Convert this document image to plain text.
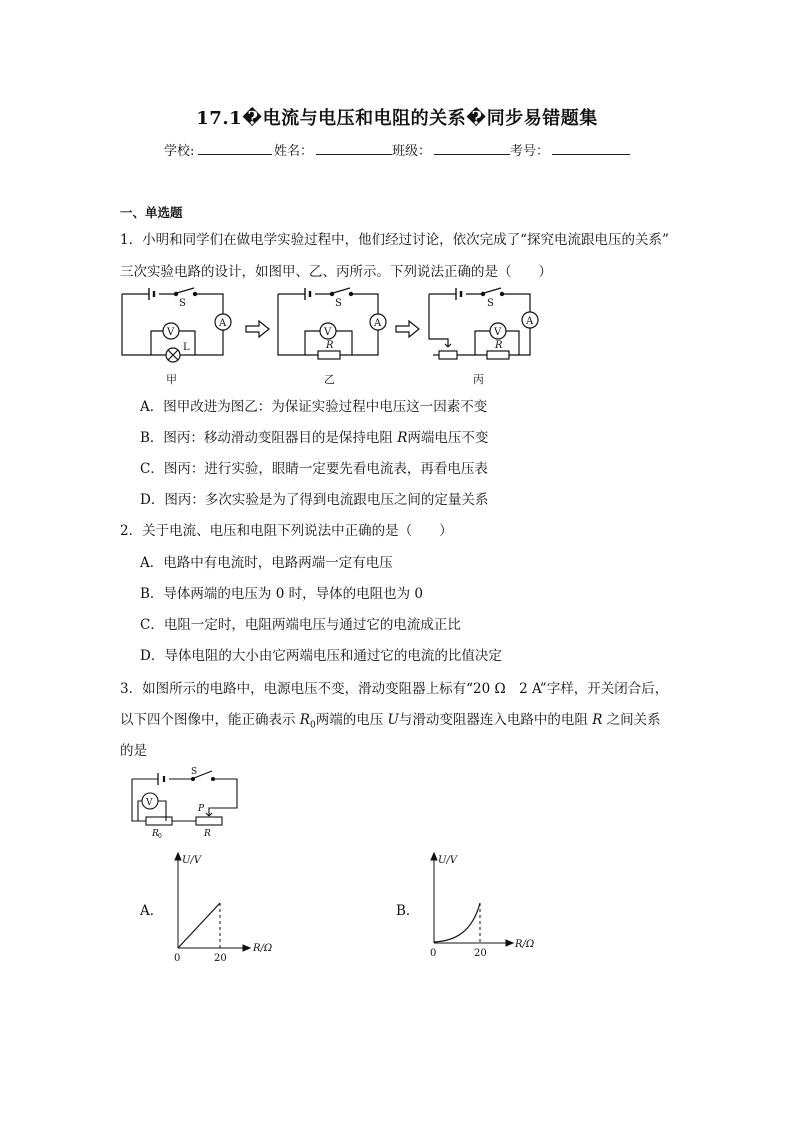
17.1�电流与电压和电阻的关系�同步易错题集
学校:	姓名：	班级：	考号：
一、单选题
1．小明和同学们在做电学实验过程中，他们经过讨论，依次完成了“探究电流跟电压的关系”
三次实验电路的设计，如图甲、乙、丙所示。下列说法正确的是（　　）
S
A
V
L
甲
S
A
V
R
乙
S
A
V
R
丙
A．图甲改进为图乙：为保证实验过程中电压这一因素不变
B．图丙：移动滑动变阻器目的是保持电阻 R两端电压不变
C．图丙：进行实验，眼睛一定要先看电流表，再看电压表
D．图丙：多次实验是为了得到电流跟电压之间的定量关系
2．关于电流、电压和电阻下列说法中正确的是（　　）
A．电路中有电流时，电路两端一定有电压
B．导体两端的电压为 0 时，导体的电阻也为 0
C．电阻一定时，电阻两端电压与通过它的电流成正比
D．导体电阻的大小由它两端电压和通过它的电流的比值决定
3．如图所示的电路中，电源电压不变，滑动变阻器上标有“20 Ω　2 A”字样，开关闭合后，
以下四个图像中，能正确表示 $R_0$两端的电压 U与滑动变阻器连入电路中的电阻 R 之间关系
的是
S
V
P
R 0	R
A．
U/V
R/Ω
0	20
B．
U/V
R/Ω
0	20
